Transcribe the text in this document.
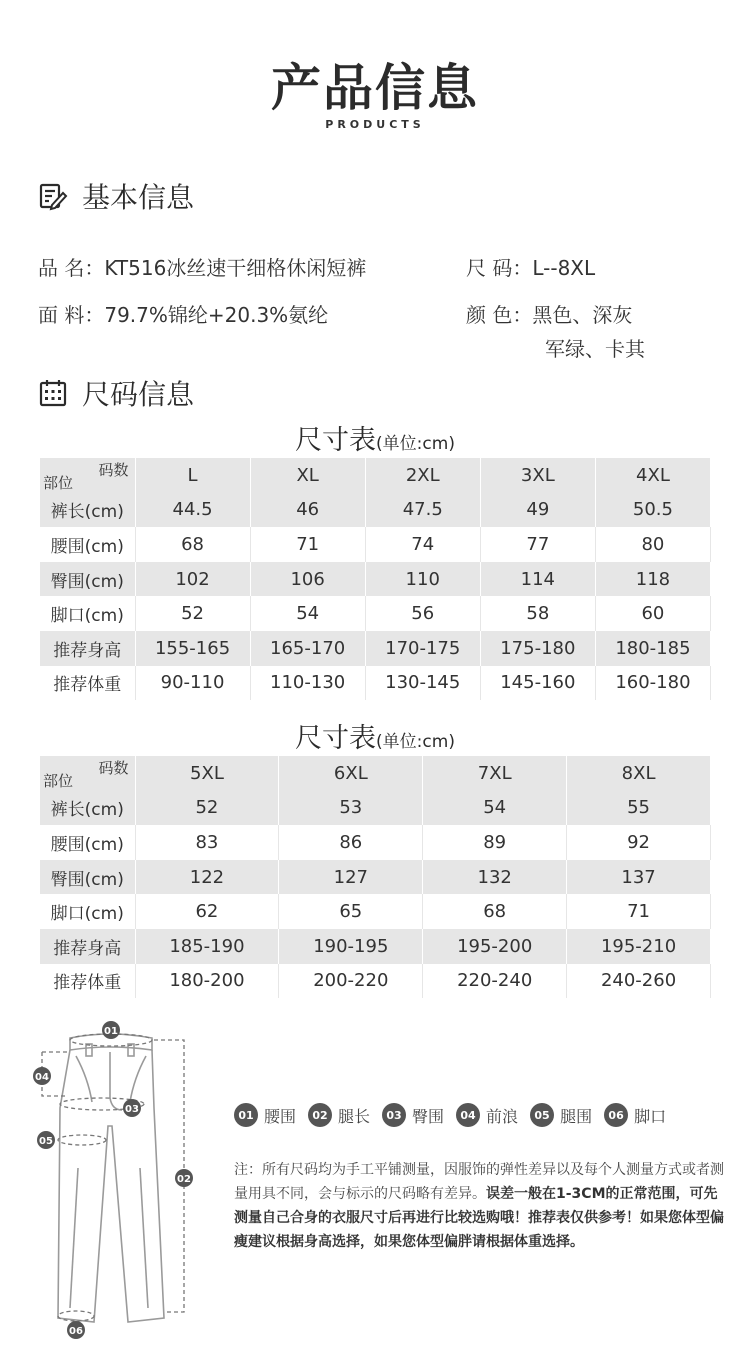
产品信息
PRODUCTS
基本信息
品 名：KT516冰丝速干细格休闲短裤	尺 码：L--8XL
面 料：79.7%锦纶+20.3%氨纶	颜 色：黑色、深灰
军绿、卡其
尺码信息
尺寸表(单位:cm)
码数
部位	L	XL	2XL	3XL	4XL
裤长(cm)	44.5	46	47.5	49	50.5
腰围(cm)	68	71	74	77	80
臀围(cm)	102	106	110	114	118
脚口(cm)	52	54	56	58	60
推荐身高	155-165	165-170	170-175	175-180	180-185
推荐体重	90-110	110-130	130-145	145-160	160-180
尺寸表(单位:cm)
码数
部位	5XL	6XL	7XL	8XL
裤长(cm)	52	53	54	55
腰围(cm)	83	86	89	92
臀围(cm)	122	127	132	137
脚口(cm)	62	65	68	71
推荐身高	185-190	190-195	195-200	195-210
推荐体重	180-200	200-220	220-240	240-260
01
04
03
05
02
06
01 腰围	02 腿长	03 臀围	04 前浪	05 腿围	06 脚口
注：所有尺码均为手工平铺测量，因服饰的弹性差异以及每个人测量方式或者测量用具不同，会与标示的尺码略有差异。误差一般在1-3CM的正常范围，可先测量自己合身的衣服尺寸后再进行比较选购哦！推荐表仅供参考！如果您体型偏瘦建议根据身高选择，如果您体型偏胖请根据体重选择。
